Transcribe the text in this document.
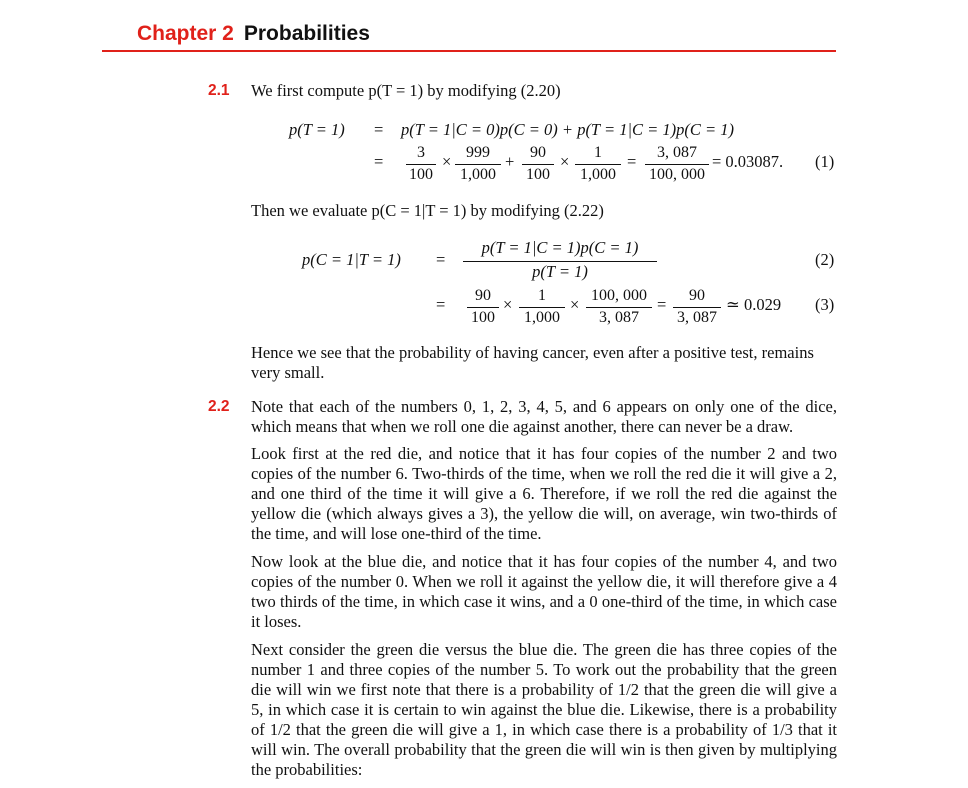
Chapter 2 Probabilities
2.1 We first compute p(T = 1) by modifying (2.20)
p(T = 1) = p(T = 1|C = 0)p(C = 0) + p(T = 1|C = 1)p(C = 1)
=	3
100
× 999
1,000
+ 90
100
×	1
1,000
=	3, 087
100, 000
= 0.03087. (1)
Then we evaluate p(C = 1|T = 1) by modifying (2.22)
p(C = 1|T = 1) =
p(T = 1|C = 1)p(C = 1)
p(T = 1)
(2)
=	90
100
×	1
1,000
× 100, 000
3, 087
=	90
3, 087
≃ 0.029 (3)
Hence we see that the probability of having cancer, even after a positive test, remains
very small.
2.2 Note that each of the numbers 0, 1, 2, 3, 4, 5, and 6 appears on only one of the dice, which means that when we roll one die against another, there can never be a draw.
Look first at the red die, and notice that it has four copies of the number 2 and two copies of the number 6. Two-thirds of the time, when we roll the red die it will give a 2, and one third of the time it will give a 6. Therefore, if we roll the red die against the yellow die (which always gives a 3), the yellow die will, on average, win two-thirds of the time, and will lose one-third of the time.
Now look at the blue die, and notice that it has four copies of the number 4, and two copies of the number 0. When we roll it against the yellow die, it will therefore give a 4 two thirds of the time, in which case it wins, and a 0 one-third of the time, in which case it loses.
Next consider the green die versus the blue die. The green die has three copies of the number 1 and three copies of the number 5. To work out the probability that the green die will win we first note that there is a probability of 1/2 that the green die will give a 5, in which case it is certain to win against the blue die. Likewise, there is a probability of 1/2 that the green die will give a 1, in which case there is a probability of 1/3 that it will win. The overall probability that the green die will win is then given by multiplying the probabilities:
